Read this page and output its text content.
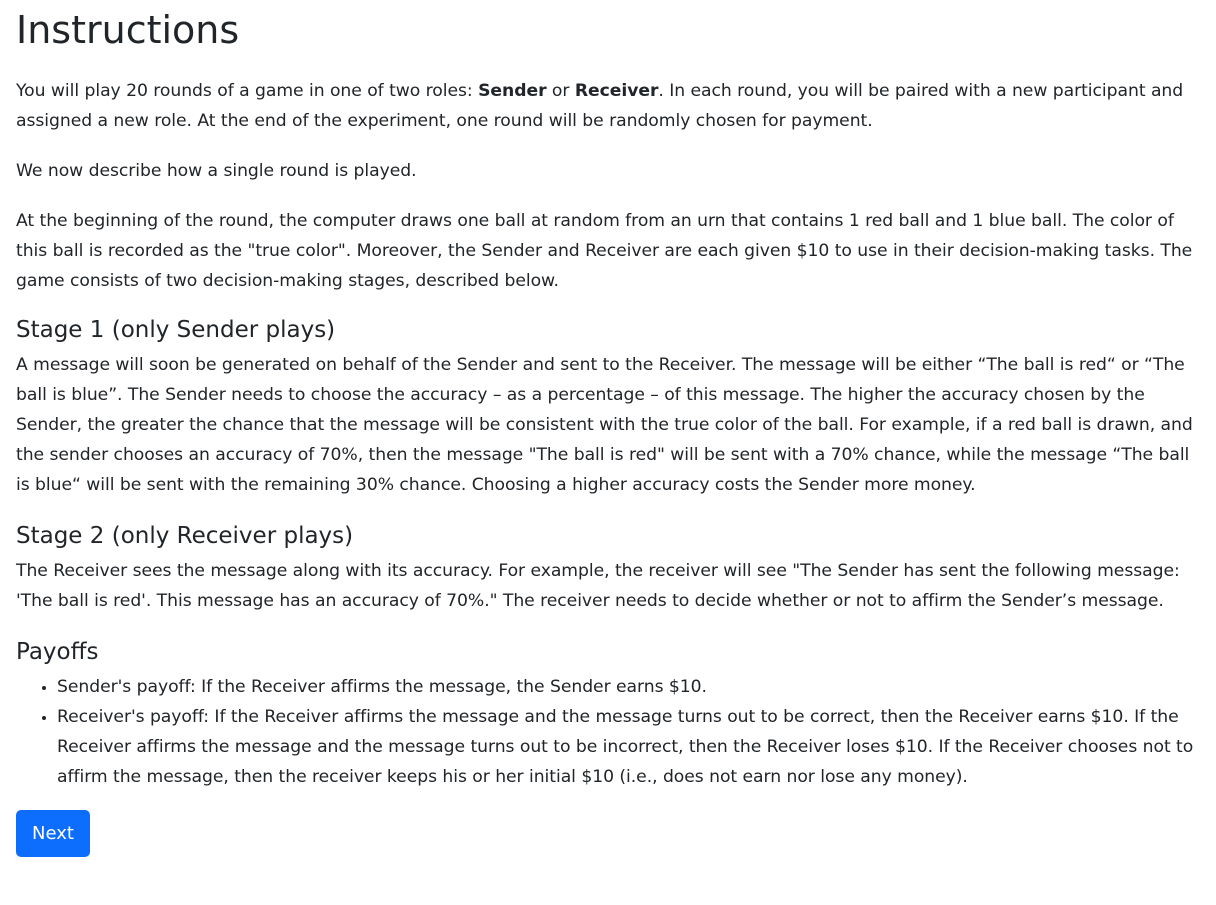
Instructions

You will play 20 rounds of a game in one of two roles: Sender or Receiver. In each round, you will be paired with a new participant and assigned a new role. At the end of the experiment, one round will be randomly chosen for payment.

We now describe how a single round is played.

At the beginning of the round, the computer draws one ball at random from an urn that contains 1 red ball and 1 blue ball. The color of this ball is recorded as the "true color". Moreover, the Sender and Receiver are each given $10 to use in their decision-making tasks. The game consists of two decision-making stages, described below.

Stage 1 (only Sender plays)

A message will soon be generated on behalf of the Sender and sent to the Receiver. The message will be either “The ball is red“ or “The ball is blue”. The Sender needs to choose the accuracy – as a percentage – of this message. The higher the accuracy chosen by the Sender, the greater the chance that the message will be consistent with the true color of the ball. For example, if a red ball is drawn, and the sender chooses an accuracy of 70%, then the message "The ball is red" will be sent with a 70% chance, while the message “The ball is blue“ will be sent with the remaining 30% chance. Choosing a higher accuracy costs the Sender more money.

Stage 2 (only Receiver plays)

The Receiver sees the message along with its accuracy. For example, the receiver will see "The Sender has sent the following message: 'The ball is red'. This message has an accuracy of 70%." The receiver needs to decide whether or not to affirm the Sender’s message.

Payoffs
• Sender's payoff: If the Receiver affirms the message, the Sender earns $10.
• Receiver's payoff: If the Receiver affirms the message and the message turns out to be correct, then the Receiver earns $10. If the Receiver affirms the message and the message turns out to be incorrect, then the Receiver loses $10. If the Receiver chooses not to affirm the message, then the receiver keeps his or her initial $10 (i.e., does not earn nor lose any money).
Next
